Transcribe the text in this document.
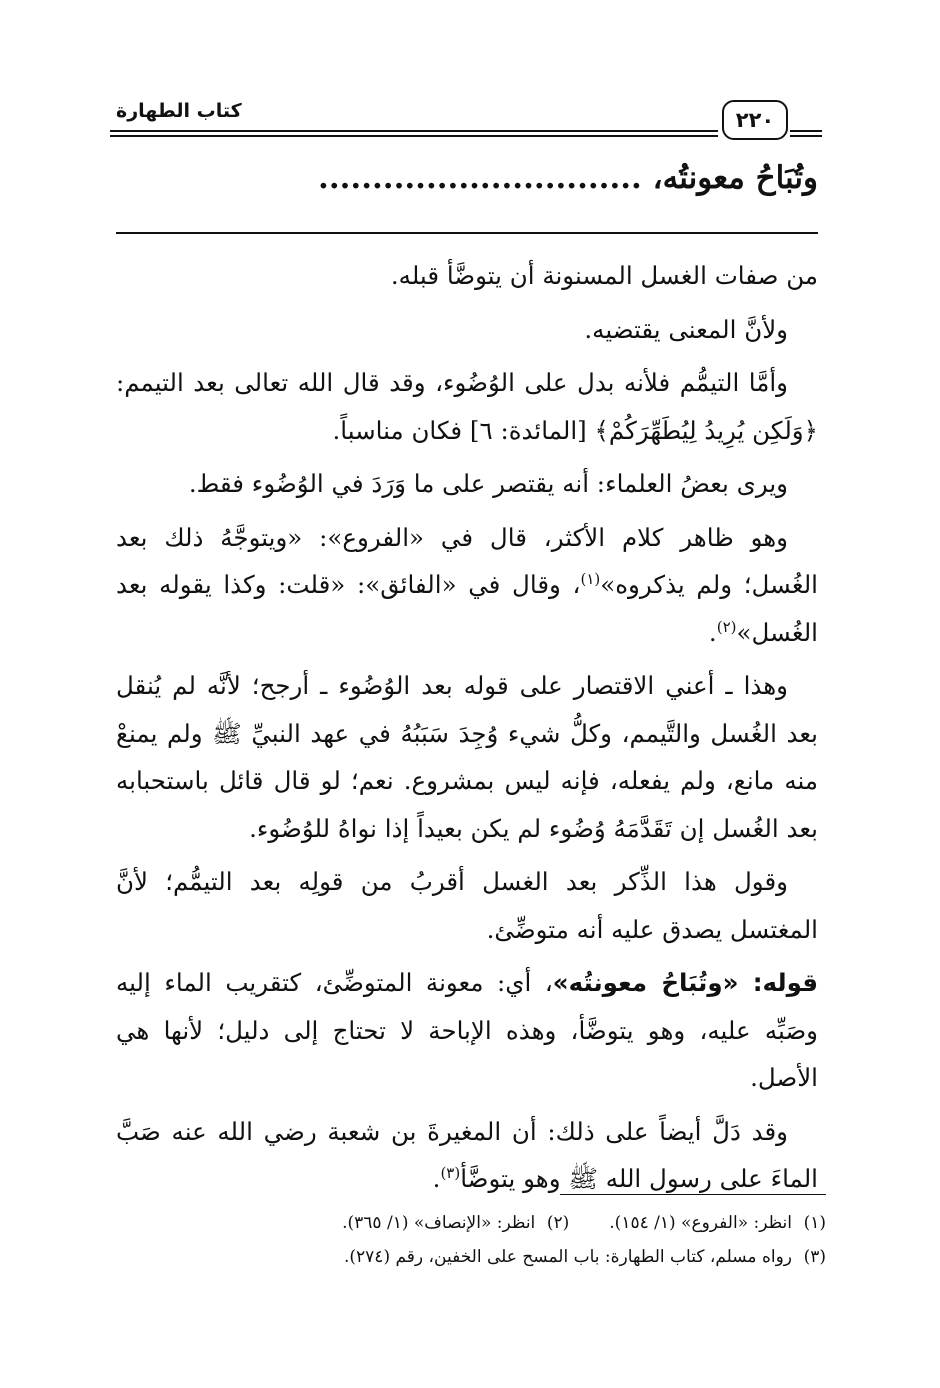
كتاب الطهارة	٢٢٠
وتُبَاحُ معونتُه، ..............................

من صفات الغسل المسنونة أن يتوضَّأ قبله.

ولأنَّ المعنى يقتضيه.

وأمَّا التيمُّم فلأنه بدل على الوُضُوء، وقد قال الله تعالى بعد التيمم: ﴿وَلَكِن يُرِيدُ لِيُطَهِّرَكُمْ﴾ [المائدة: ٦] فكان مناسباً.

ويرى بعضُ العلماء: أنه يقتصر على ما وَرَدَ في الوُضُوء فقط.

وهو ظاهر كلام الأكثر، قال في «الفروع»: «ويتوجَّهُ ذلك بعد الغُسل؛ ولم يذكروه»$^{(١)}$، وقال في «الفائق»: «قلت: وكذا يقوله بعد الغُسل»$^{(٢)}$.

وهذا ـ أعني الاقتصار على قوله بعد الوُضُوء ـ أرجح؛ لأنَّه لم يُنقل بعد الغُسل والتَّيمم، وكلُّ شيء وُجِدَ سَبَبُهُ في عهد النبيِّ ﷺ ولم يمنعْ منه مانع، ولم يفعله، فإنه ليس بمشروع. نعم؛ لو قال قائل باستحبابه بعد الغُسل إن تَقَدَّمَهُ وُضُوء لم يكن بعيداً إذا نواهُ للوُضُوء.

وقول هذا الذِّكر بعد الغسل أقربُ من قولِه بعد التيمُّم؛ لأنَّ المغتسل يصدق عليه أنه متوضِّئ.

قوله: «وتُبَاحُ معونتُه»، أي: معونة المتوضِّئ، كتقريب الماء إليه وصَبِّه عليه، وهو يتوضَّأ، وهذه الإباحة لا تحتاج إلى دليل؛ لأنها هي الأصل.

وقد دَلَّ أيضاً على ذلك: أن المغيرةَ بن شعبة رضي الله عنه صَبَّ الماءَ على رسول الله ﷺ وهو يتوضَّأ$^{(٣)}$.

(١)انظر: «الفروع» (١/ ١٥٤).(٢)انظر: «الإنصاف» (١/ ٣٦٥).
(٣)رواه مسلم، كتاب الطهارة: باب المسح على الخفين، رقم (٢٧٤).
